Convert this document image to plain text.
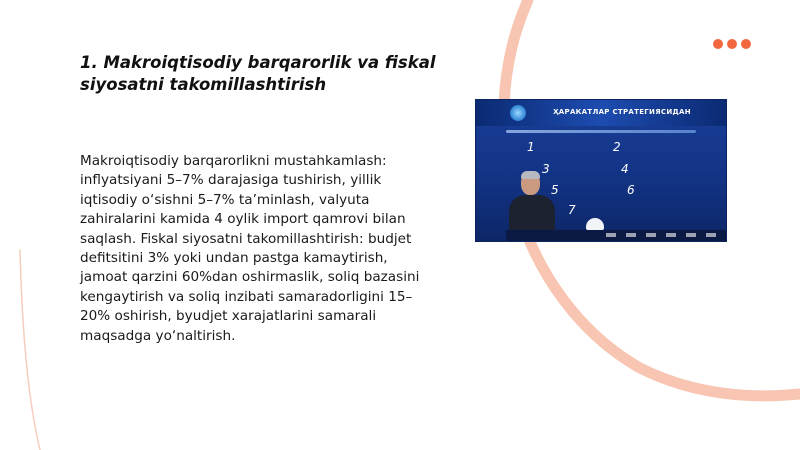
1. Makroiqtisodiy barqarorlik va fiskal siyosatni takomillashtirish

Makroiqtisodiy barqarorlikni mustahkamlash: inflyatsiyani 5–7% darajasiga tushirish, yillik iqtisodiy o‘sishni 5–7% ta’minlash, valyuta zahiralarini kamida 4 oylik import qamrovi bilan saqlash. Fiskal siyosatni takomillashtirish: budjet defitsitini 3% yoki undan pastga kamaytirish, jamoat qarzini 60%dan oshirmaslik, soliq bazasini kengaytirish va soliq inzibati samaradorligini 15–20% oshirish, byudjet xarajatlarini samarali maqsadga yo‘naltirish.

ҲАРАКАТЛАР СТРАТЕГИЯСИДАН
1	2
3	4
5	6
7
